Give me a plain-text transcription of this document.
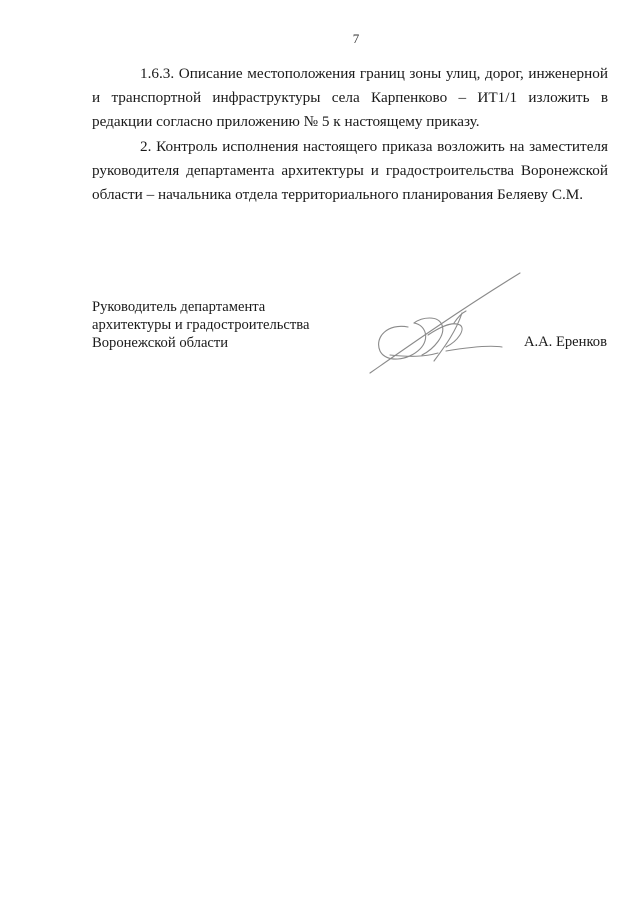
7

1.6.3. Описание местоположения границ зоны улиц, дорог, инженерной и транспортной инфраструктуры села Карпенково – ИТ1/1 изложить в редакции согласно приложению № 5 к настоящему приказу.

2. Контроль исполнения настоящего приказа возложить на заместителя руководителя департамента архитектуры и градостроительства Воронежской области – начальника отдела территориального планирования Беляеву С.М.

Руководитель департамента
архитектуры и градостроительства
Воронежской области	А.А. Еренков
